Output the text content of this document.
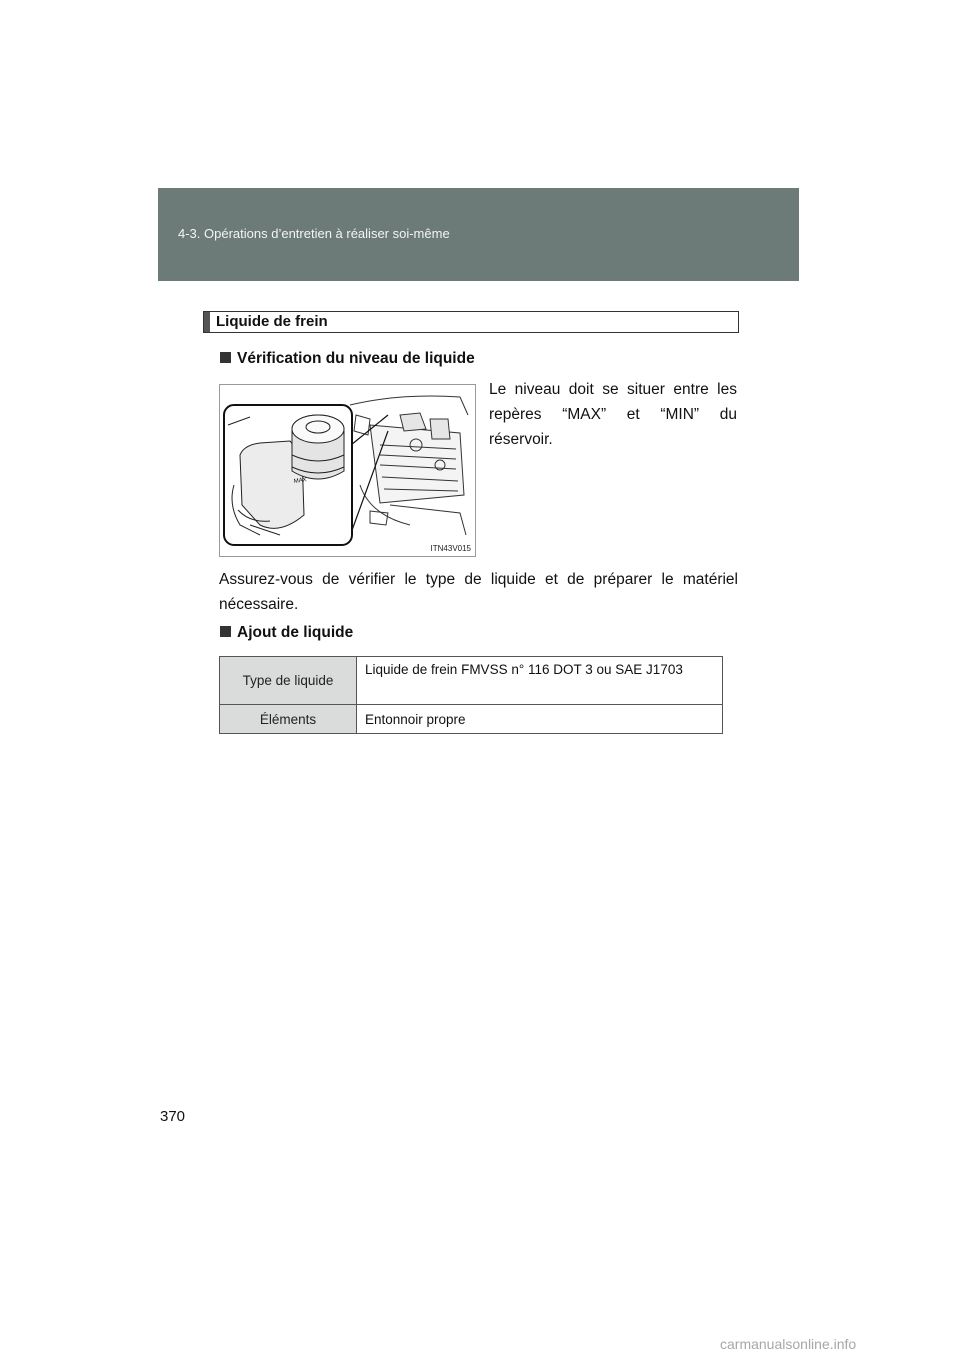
4-3. Opérations d’entretien à réaliser soi-même
Liquide de frein
Vérification du niveau de liquide
MAX
ITN43V015
Le niveau doit se situer entre les repères “MAX” et “MIN” du réservoir.
Assurez-vous de vérifier le type de liquide et de préparer le matériel nécessaire.
Ajout de liquide
Type de liquide	Liquide de frein FMVSS n° 116 DOT 3 ou SAE J1703
Éléments	Entonnoir propre
370
carmanualsonline.info
